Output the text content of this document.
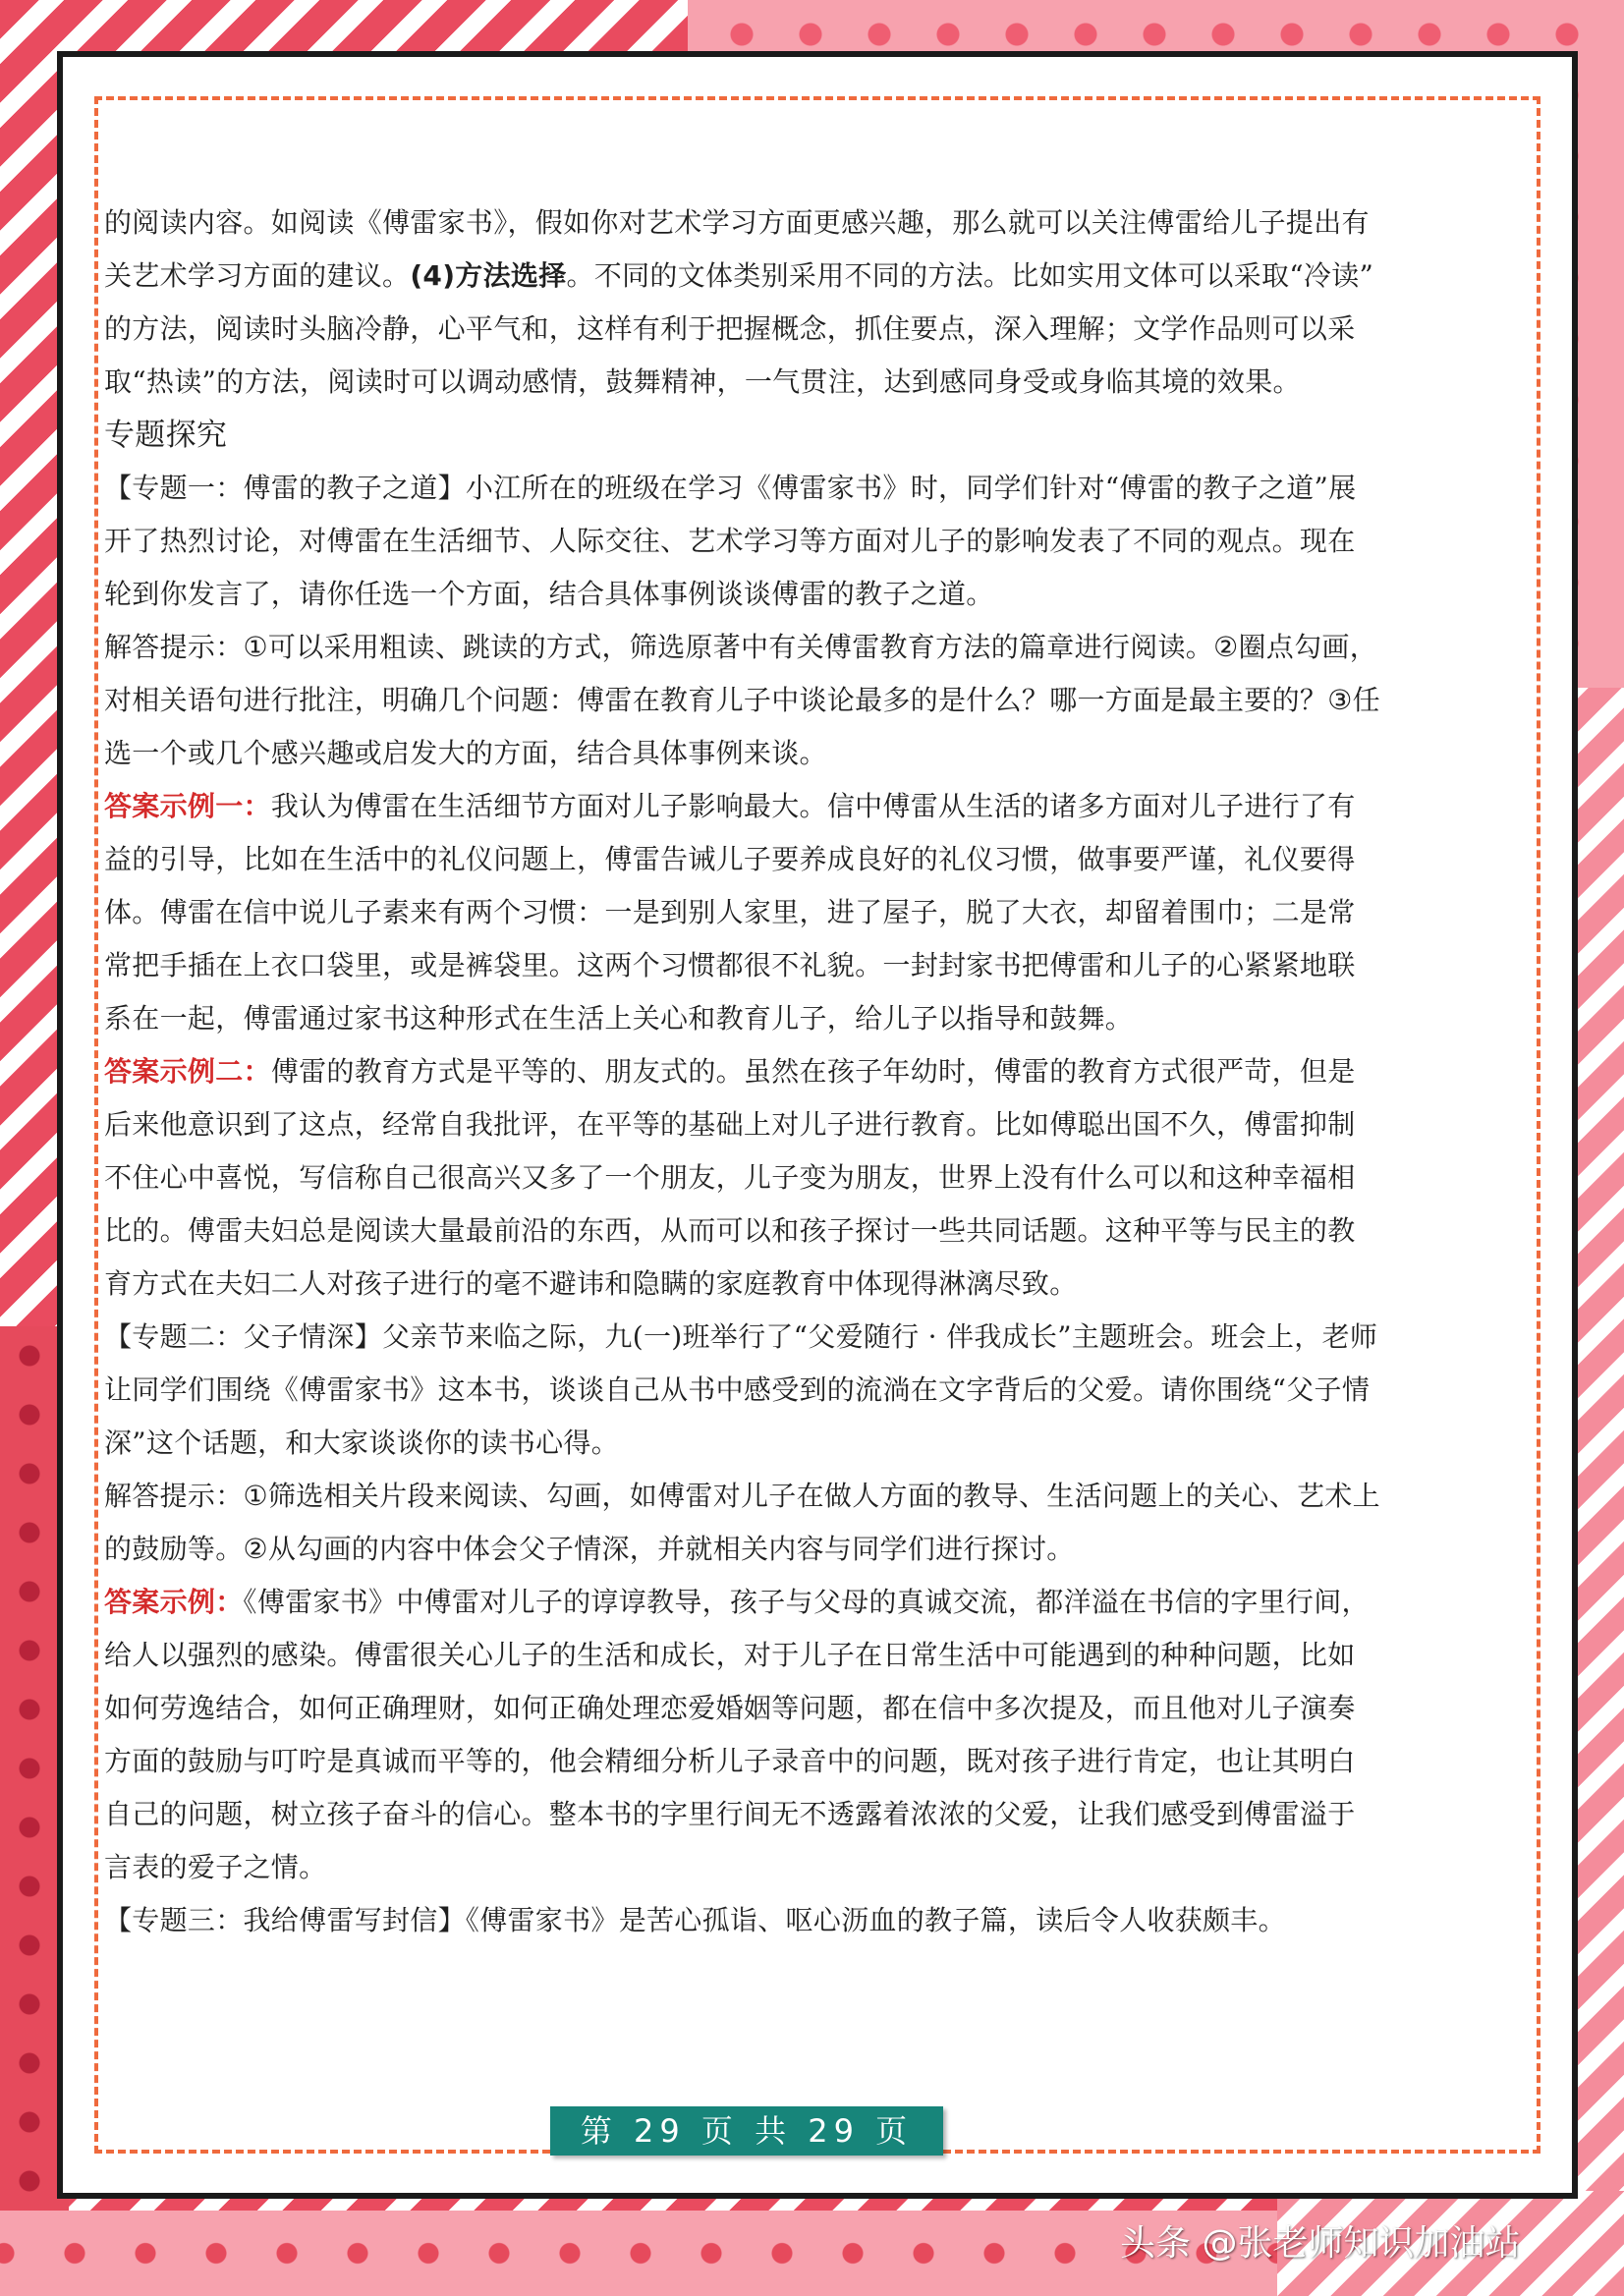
的阅读内容。如阅读《傅雷家书》，假如你对艺术学习方面更感兴趣，那么就可以关注傅雷给儿子提出有关艺术学习方面的建议。(4)方法选择。不同的文体类别采用不同的方法。比如实用文体可以采取“冷读” 的方法，阅读时头脑冷静，心平气和，这样有利于把握概念，抓住要点，深入理解；文学作品则可以采取“热读”的方法，阅读时可以调动感情，鼓舞精神，一气贯注，达到感同身受或身临其境的效果。

专题探究

【专题一：傅雷的教子之道】小江所在的班级在学习《傅雷家书》时，同学们针对“傅雷的教子之道”展开了热烈讨论，对傅雷在生活细节、人际交往、艺术学习等方面对儿子的影响发表了不同的观点。现在轮到你发言了，请你任选一个方面，结合具体事例谈谈傅雷的教子之道。

解答提示：①可以采用粗读、跳读的方式，筛选原著中有关傅雷教育方法的篇章进行阅读。②圈点勾画，对相关语句进行批注，明确几个问题：傅雷在教育儿子中谈论最多的是什么？哪一方面是最主要的？③任选一个或几个感兴趣或启发大的方面，结合具体事例来谈。

答案示例一：我认为傅雷在生活细节方面对儿子影响最大。信中傅雷从生活的诸多方面对儿子进行了有益的引导，比如在生活中的礼仪问题上，傅雷告诫儿子要养成良好的礼仪习惯，做事要严谨，礼仪要得体。傅雷在信中说儿子素来有两个习惯：一是到别人家里，进了屋子，脱了大衣，却留着围巾；二是常常把手插在上衣口袋里，或是裤袋里。这两个习惯都很不礼貌。一封封家书把傅雷和儿子的心紧紧地联系在一起，傅雷通过家书这种形式在生活上关心和教育儿子，给儿子以指导和鼓舞。

答案示例二：傅雷的教育方式是平等的、朋友式的。虽然在孩子年幼时，傅雷的教育方式很严苛，但是后来他意识到了这点，经常自我批评，在平等的基础上对儿子进行教育。比如傅聪出国不久，傅雷抑制不住心中喜悦，写信称自己很高兴又多了一个朋友，儿子变为朋友，世界上没有什么可以和这种幸福相比的。傅雷夫妇总是阅读大量最前沿的东西，从而可以和孩子探讨一些共同话题。这种平等与民主的教育方式在夫妇二人对孩子进行的毫不避讳和隐瞒的家庭教育中体现得淋漓尽致。

【专题二：父子情深】父亲节来临之际，九(一)班举行了“父爱随行 · 伴我成长”主题班会。班会上，老师让同学们围绕《傅雷家书》这本书，谈谈自己从书中感受到的流淌在文字背后的父爱。请你围绕“父子情深”这个话题，和大家谈谈你的读书心得。

解答提示：①筛选相关片段来阅读、勾画，如傅雷对儿子在做人方面的教导、生活问题上的关心、艺术上的鼓励等。②从勾画的内容中体会父子情深，并就相关内容与同学们进行探讨。

答案示例：《傅雷家书》中傅雷对儿子的谆谆教导，孩子与父母的真诚交流，都洋溢在书信的字里行间，给人以强烈的感染。傅雷很关心儿子的生活和成长，对于儿子在日常生活中可能遇到的种种问题，比如如何劳逸结合，如何正确理财，如何正确处理恋爱婚姻等问题，都在信中多次提及，而且他对儿子演奏方面的鼓励与叮咛是真诚而平等的，他会精细分析儿子录音中的问题，既对孩子进行肯定，也让其明白自己的问题，树立孩子奋斗的信心。整本书的字里行间无不透露着浓浓的父爱，让我们感受到傅雷溢于言表的爱子之情。

【专题三：我给傅雷写封信】《傅雷家书》是苦心孤诣、呕心沥血的教子篇，读后令人收获颇丰。

第 29 页 共 29 页
头条 @张老师知识加油站
